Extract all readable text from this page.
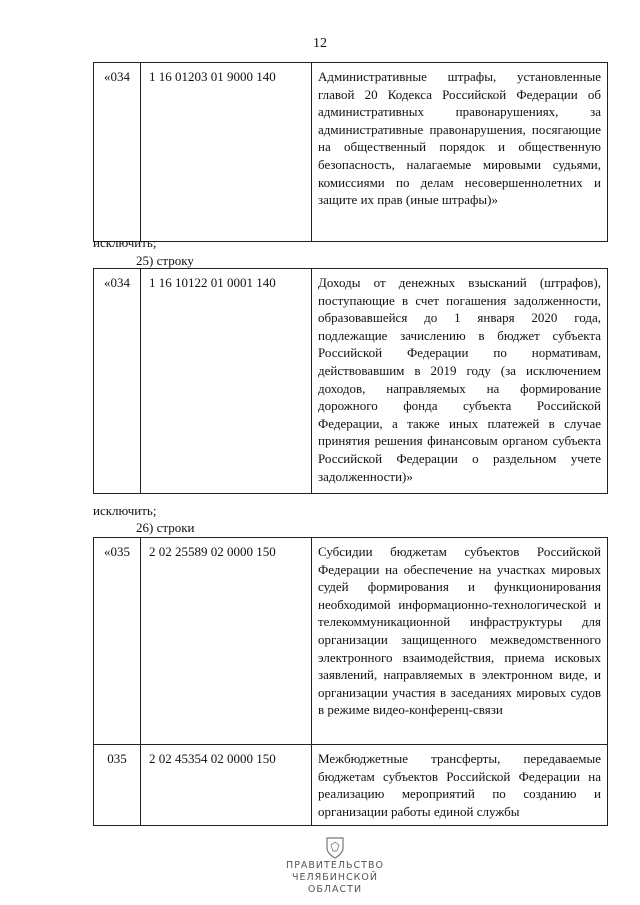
12
«034	1 16 01203 01 9000 140	Административные штрафы, установленные главой 20 Кодекса Российской Федерации об административных правонарушениях, за административные правонарушения, посягающие на общественный порядок и общественную безопасность, налагаемые мировыми судьями, комиссиями по делам несовершеннолетних и защите их прав (иные штрафы)»
исключить;
25) строку
«034	1 16 10122 01 0001 140	Доходы от денежных взысканий (штрафов), поступающие в счет погашения задолженности, образовавшейся до 1 января 2020 года, подлежащие зачислению в бюджет субъекта Российской Федерации по нормативам, действовавшим в 2019 году (за исключением доходов, направляемых на формирование дорожного фонда субъекта Российской Федерации, а также иных платежей в случае принятия решения финансовым органом субъекта Российской Федерации о раздельном учете задолженности)»
исключить;
26) строки
«035	2 02 25589 02 0000 150	Субсидии бюджетам субъектов Российской Федерации на обеспечение на участках мировых судей формирования и функционирования необходимой информационно-технологической и телекоммуникационной инфраструктуры для организации защищенного межведомственного электронного взаимодействия, приема исковых заявлений, направляемых в электронном виде, и организации участия в заседаниях мировых судов в режиме видео-конференц-связи
035	2 02 45354 02 0000 150	Межбюджетные трансферты, передаваемые бюджетам субъектов Российской Федерации на реализацию мероприятий по созданию и организации работы единой службы
ПРАВИТЕЛЬСТВО
ЧЕЛЯБИНСКОЙ ОБЛАСТИ
